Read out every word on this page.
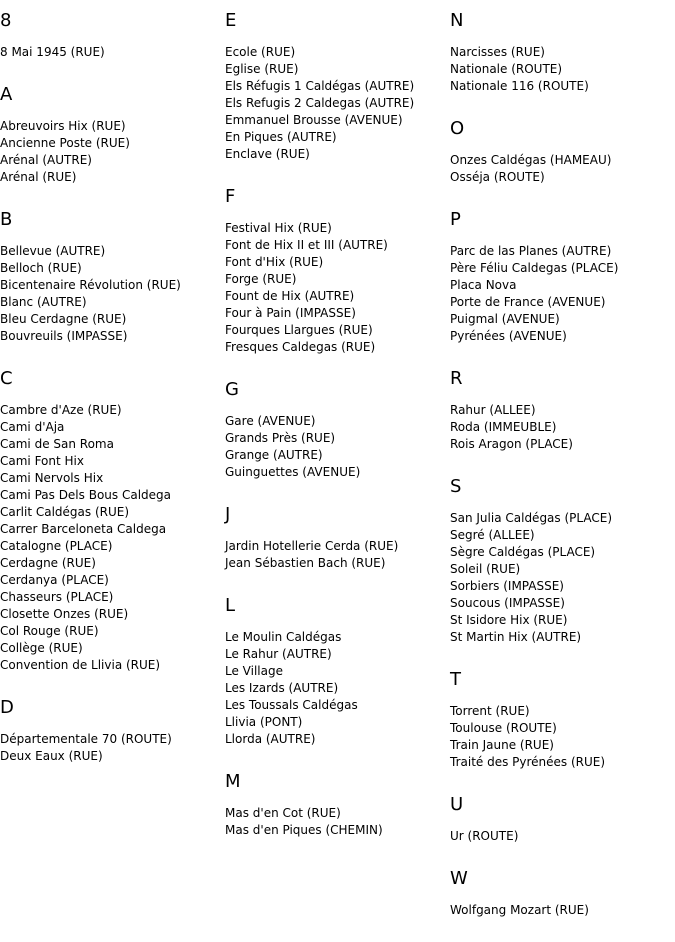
8
8 Mai 1945 (RUE)
A
Abreuvoirs Hix (RUE)
Ancienne Poste (RUE)
Arénal (AUTRE)
Arénal (RUE)
B
Bellevue (AUTRE)
Belloch (RUE)
Bicentenaire Révolution (RUE)
Blanc (AUTRE)
Bleu Cerdagne (RUE)
Bouvreuils (IMPASSE)
C
Cambre d'Aze (RUE)
Cami d'Aja
Cami de San Roma
Cami Font Hix
Cami Nervols Hix
Cami Pas Dels Bous Caldega
Carlit Caldégas (RUE)
Carrer Barceloneta Caldega
Catalogne (PLACE)
Cerdagne (RUE)
Cerdanya (PLACE)
Chasseurs (PLACE)
Closette Onzes (RUE)
Col Rouge (RUE)
Collège (RUE)
Convention de Llivia (RUE)
D
Départementale 70 (ROUTE)
Deux Eaux (RUE)
E
Ecole (RUE)
Eglise (RUE)
Els Réfugis 1 Caldégas (AUTRE)
Els Refugis 2 Caldegas (AUTRE)
Emmanuel Brousse (AVENUE)
En Piques (AUTRE)
Enclave (RUE)
F
Festival Hix (RUE)
Font de Hix II et III (AUTRE)
Font d'Hix (RUE)
Forge (RUE)
Fount de Hix (AUTRE)
Four à Pain (IMPASSE)
Fourques Llargues (RUE)
Fresques Caldegas (RUE)
G
Gare (AVENUE)
Grands Près (RUE)
Grange (AUTRE)
Guinguettes (AVENUE)
J
Jardin Hotellerie Cerda (RUE)
Jean Sébastien Bach (RUE)
L
Le Moulin Caldégas
Le Rahur (AUTRE)
Le Village
Les Izards (AUTRE)
Les Toussals Caldégas
Llivia (PONT)
Llorda (AUTRE)
M
Mas d'en Cot (RUE)
Mas d'en Piques (CHEMIN)
N
Narcisses (RUE)
Nationale (ROUTE)
Nationale 116 (ROUTE)
O
Onzes Caldégas (HAMEAU)
Osséja (ROUTE)
P
Parc de las Planes (AUTRE)
Père Féliu Caldegas (PLACE)
Placa Nova
Porte de France (AVENUE)
Puigmal (AVENUE)
Pyrénées (AVENUE)
R
Rahur (ALLEE)
Roda (IMMEUBLE)
Rois Aragon (PLACE)
S
San Julia Caldégas (PLACE)
Segré (ALLEE)
Sègre Caldégas (PLACE)
Soleil (RUE)
Sorbiers (IMPASSE)
Soucous (IMPASSE)
St Isidore Hix (RUE)
St Martin Hix (AUTRE)
T
Torrent (RUE)
Toulouse (ROUTE)
Train Jaune (RUE)
Traité des Pyrénées (RUE)
U
Ur (ROUTE)
W
Wolfgang Mozart (RUE)
